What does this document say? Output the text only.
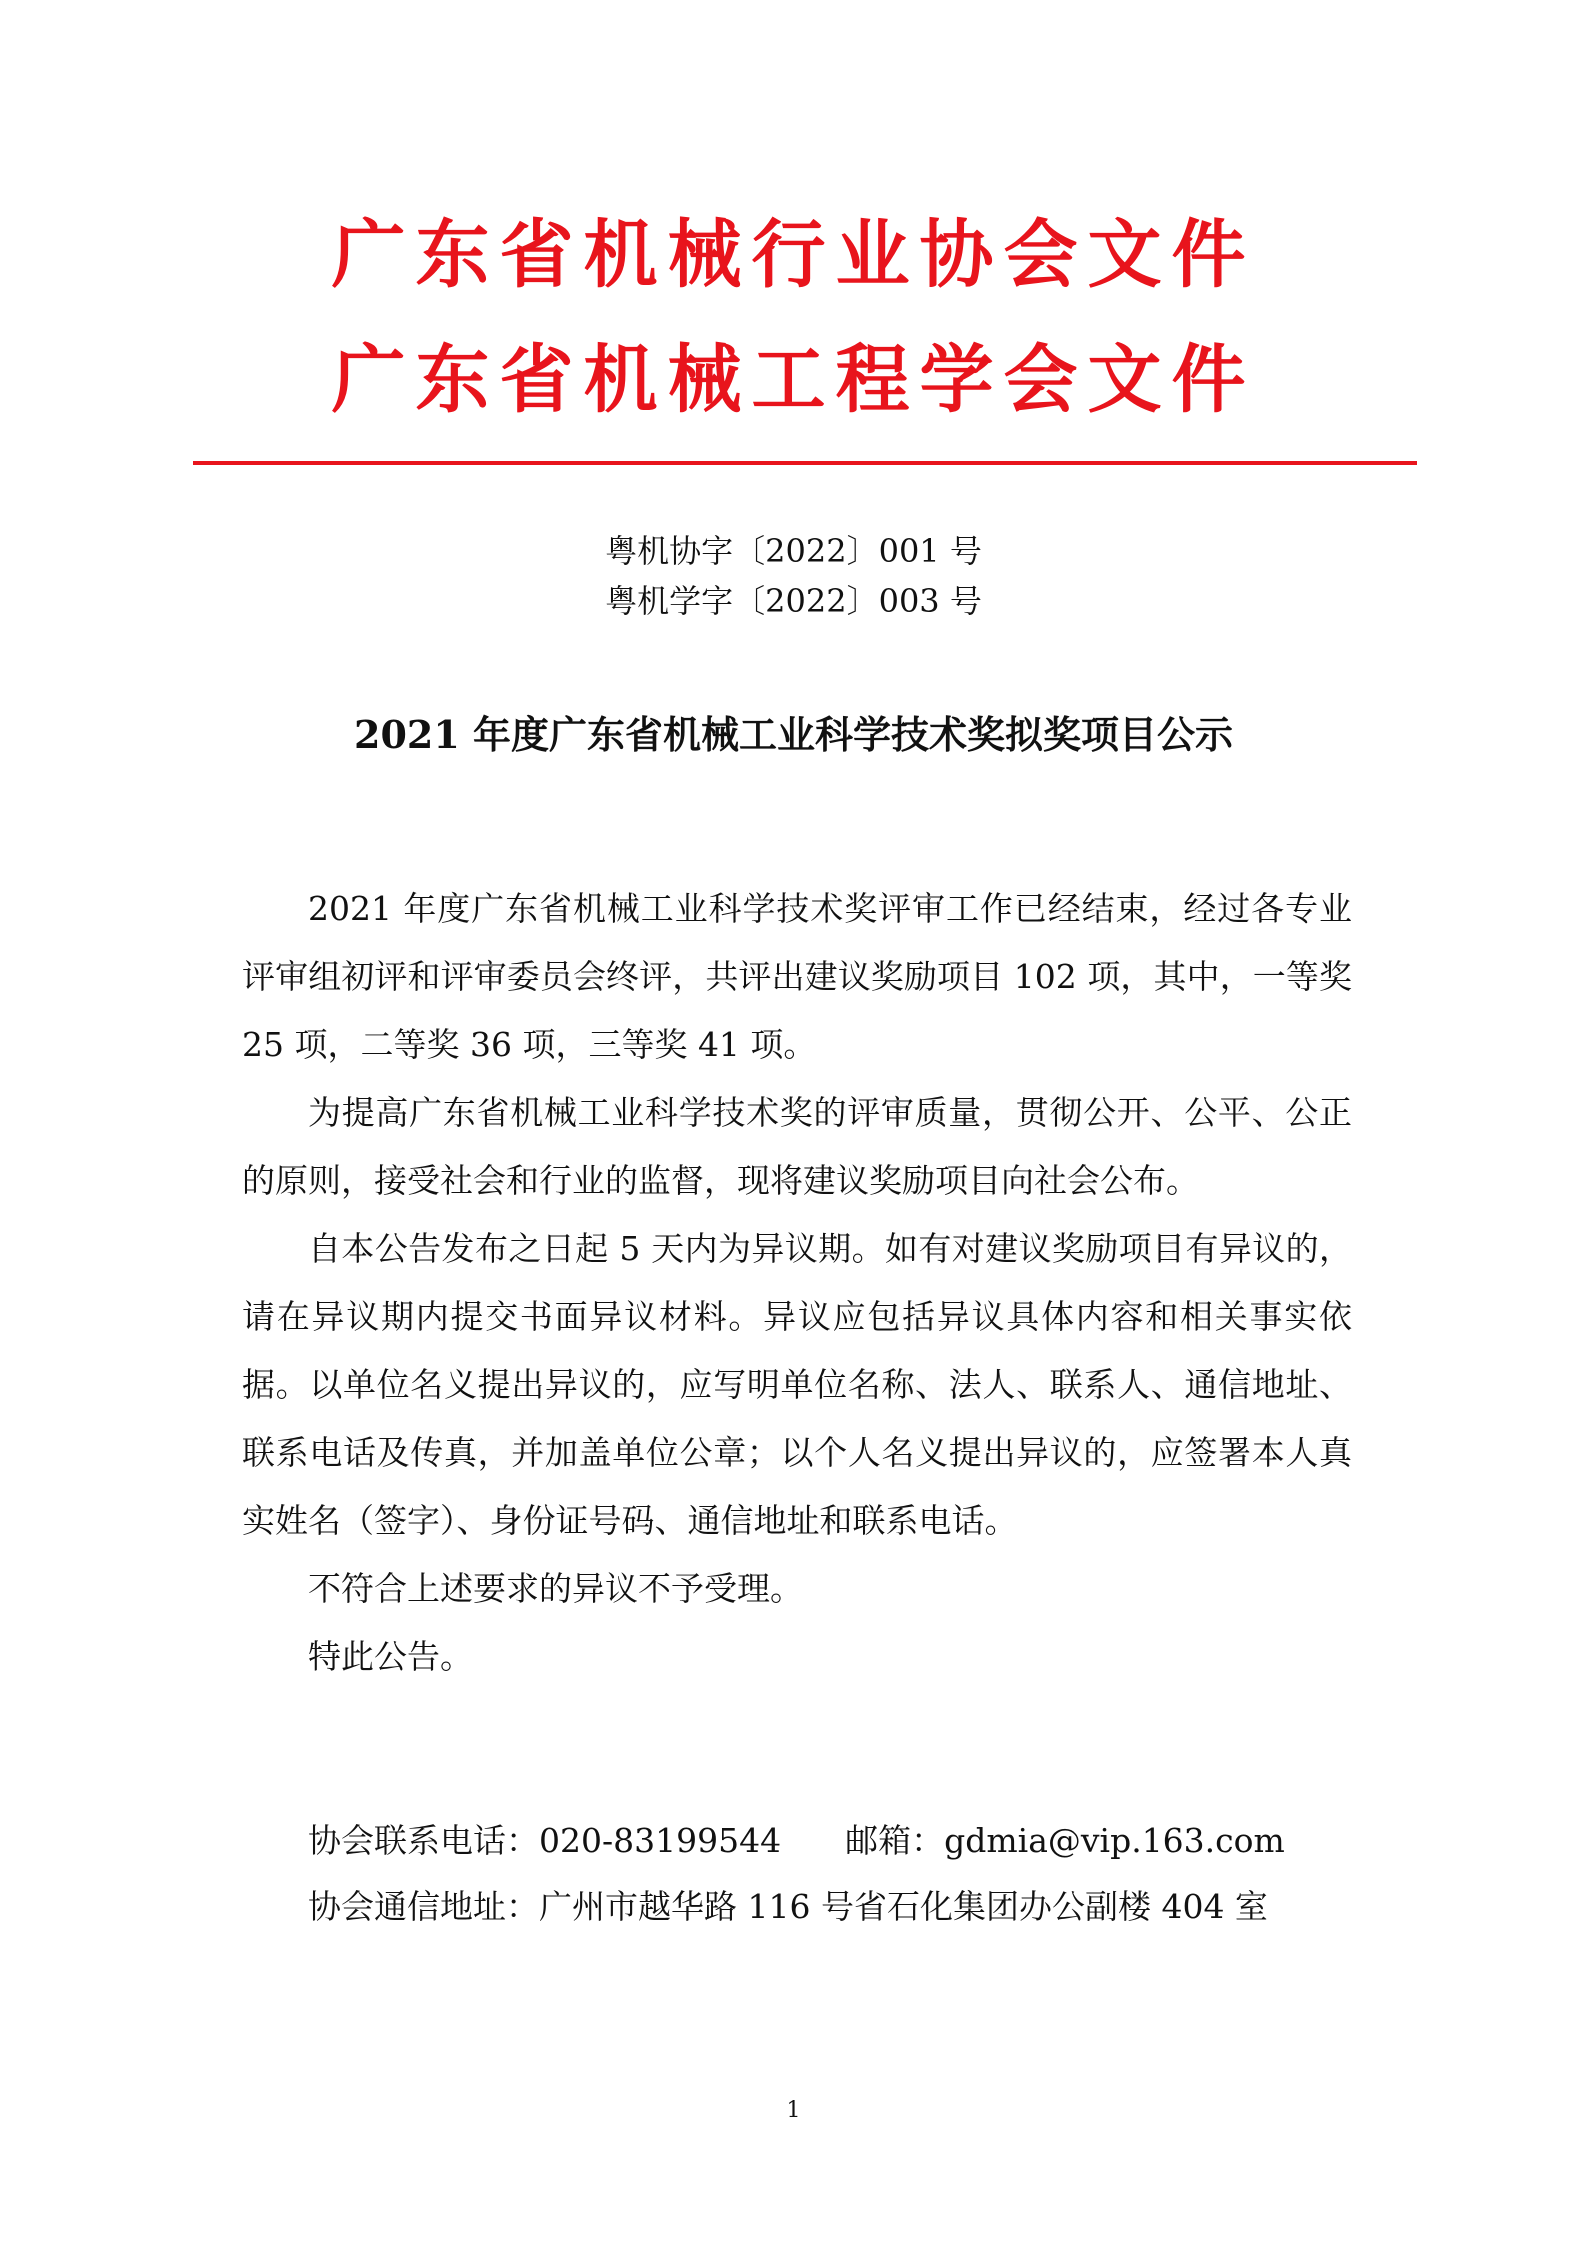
广东省机械行业协会文件
广东省机械工程学会文件
粤机协字〔2022〕001 号
粤机学字〔2022〕003 号
2021 年度广东省机械工业科学技术奖拟奖项目公示

2021 年度广东省机械工业科学技术奖评审工作已经结束，经过各专业评审组初评和评审委员会终评，共评出建议奖励项目 102 项，其中，一等奖 25 项，二等奖 36 项，三等奖 41 项。

为提高广东省机械工业科学技术奖的评审质量，贯彻公开、公平、公正的原则，接受社会和行业的监督，现将建议奖励项目向社会公布。

自本公告发布之日起 5 天内为异议期。如有对建议奖励项目有异议的，请在异议期内提交书面异议材料。异议应包括异议具体内容和相关事实依据。以单位名义提出异议的，应写明单位名称、法人、联系人、通信地址、联系电话及传真，并加盖单位公章；以个人名义提出异议的，应签署本人真实姓名（签字）、身份证号码、通信地址和联系电话。

不符合上述要求的异议不予受理。

特此公告。

协会联系电话：020-83199544 邮箱：gdmia@vip.163.com
协会通信地址：广州市越华路 116 号省石化集团办公副楼 404 室
1
